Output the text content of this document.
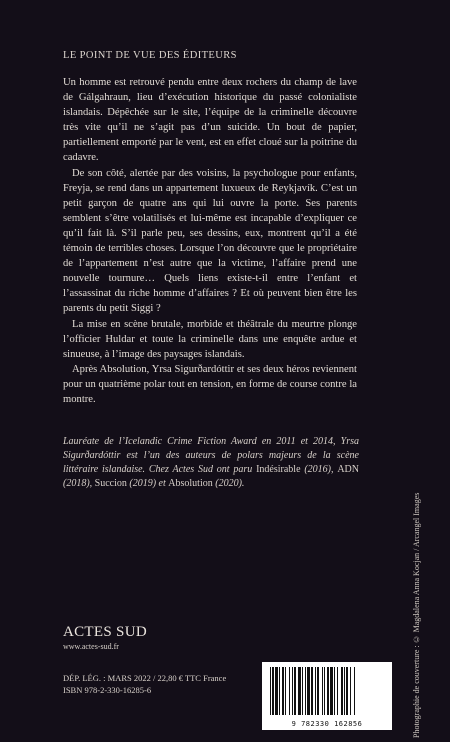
LE POINT DE VUE DES ÉDITEURS

Un homme est retrouvé pendu entre deux rochers du champ de lave de Gálgahraun, lieu d’exécution historique du passé colonialiste islandais. Dépêchée sur le site, l’équipe de la criminelle découvre très vite qu’il ne s’agit pas d’un suicide. Un bout de papier, partiellement emporté par le vent, est en effet cloué sur la poitrine du cadavre.

De son côté, alertée par des voisins, la psychologue pour enfants, Freyja, se rend dans un appartement luxueux de Reykjavík. C’est un petit garçon de quatre ans qui lui ouvre la porte. Ses parents semblent s’être volatilisés et lui-même est incapable d’expliquer ce qu’il fait là. S’il parle peu, ses dessins, eux, montrent qu’il a été témoin de terribles choses. Lorsque l’on découvre que le propriétaire de l’appartement n’est autre que la victime, l’affaire prend une nouvelle tournure… Quels liens existe-t-il entre l’enfant et l’assassinat du riche homme d’affaires ? Et où peuvent bien être les parents du petit Siggi ?

La mise en scène brutale, morbide et théâtrale du meurtre plonge l’officier Huldar et toute la criminelle dans une enquête ardue et sinueuse, à l’image des paysages islandais.

Après Absolution, Yrsa Sigurðardóttir et ses deux héros reviennent pour un quatrième polar tout en tension, en forme de course contre la montre.

Lauréate de l’Icelandic Crime Fiction Award en 2011 et 2014, Yrsa Sigurðardóttir est l’un des auteurs de polars majeurs de la scène littéraire islandaise. Chez Actes Sud ont paru Indésirable (2016), ADN (2018), Succion (2019) et Absolution (2020).
Photographie de couverture : © Magdalena Anna Kocjan / Arcangel Images
ACTES SUD
www.actes-sud.fr
DÉP. LÉG. : MARS 2022 / 22,80 € TTC France
ISBN 978-2-330-16285-6
9 782330 162856
